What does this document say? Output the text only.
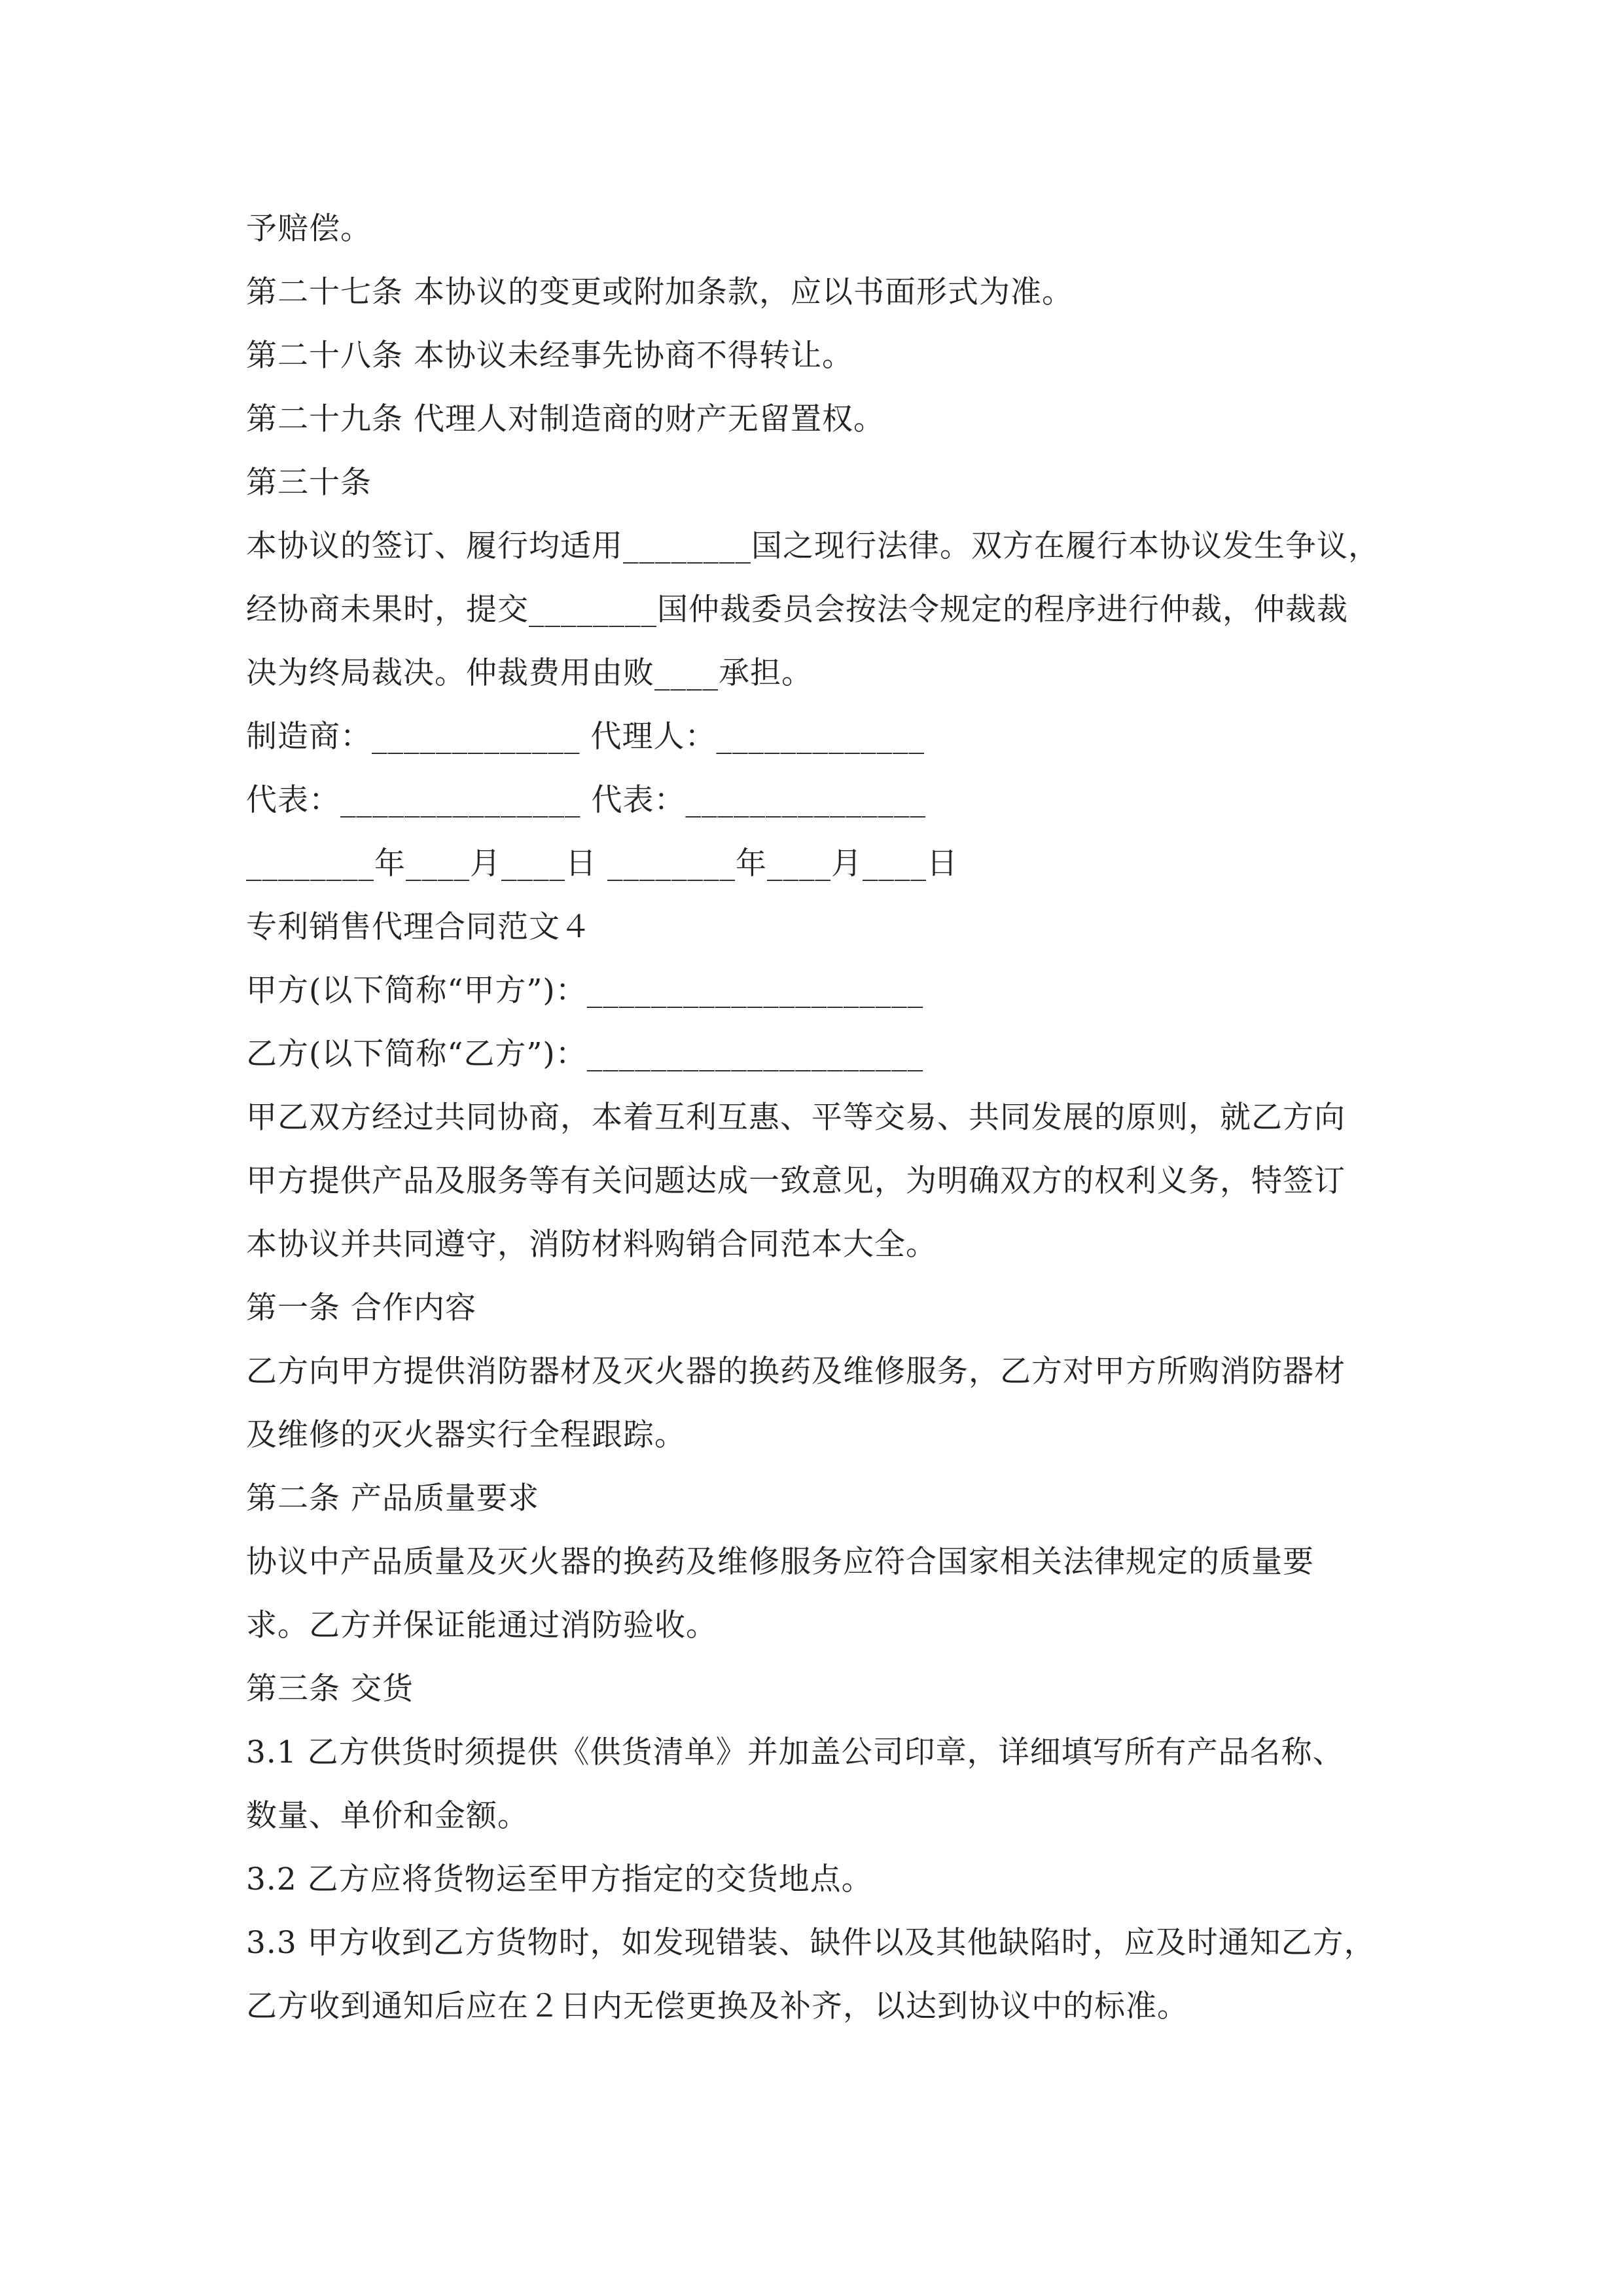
予赔偿。
第二十七条 本协议的变更或附加条款，应以书面形式为准。
第二十八条 本协议未经事先协商不得转让。
第二十九条 代理人对制造商的财产无留置权。
第三十条
本协议的签订、履行均适用________国之现行法律。双方在履行本协议发生争议，
经协商未果时，提交________国仲裁委员会按法令规定的程序进行仲裁，仲裁裁
决为终局裁决。仲裁费用由败____承担。
制造商：_____________ 代理人：_____________
代表：_______________ 代表：_______________
________年____月____日 ________年____月____日
专利销售代理合同范文４
甲方(以下简称“甲方”)：_____________________
乙方(以下简称“乙方”)：_____________________
甲乙双方经过共同协商，本着互利互惠、平等交易、共同发展的原则，就乙方向
甲方提供产品及服务等有关问题达成一致意见，为明确双方的权利义务，特签订
本协议并共同遵守，消防材料购销合同范本大全。
第一条 合作内容
乙方向甲方提供消防器材及灭火器的换药及维修服务，乙方对甲方所购消防器材
及维修的灭火器实行全程跟踪。
第二条 产品质量要求
协议中产品质量及灭火器的换药及维修服务应符合国家相关法律规定的质量要
求。乙方并保证能通过消防验收。
第三条 交货
3.1 乙方供货时须提供《供货清单》并加盖公司印章，详细填写所有产品名称、
数量、单价和金额。
3.2 乙方应将货物运至甲方指定的交货地点。
3.3 甲方收到乙方货物时，如发现错装、缺件以及其他缺陷时，应及时通知乙方，
乙方收到通知后应在２日内无偿更换及补齐，以达到协议中的标准。
